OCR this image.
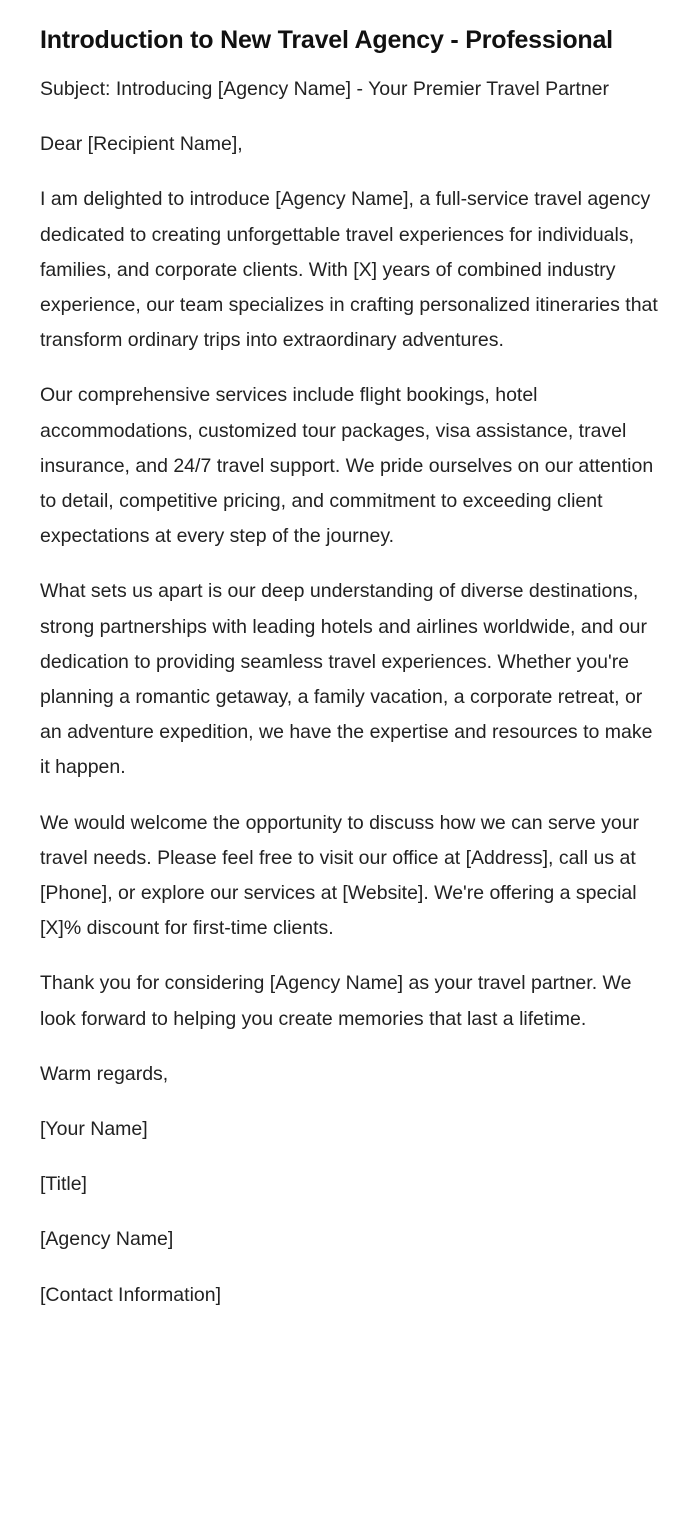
Introduction to New Travel Agency - Professional

Subject: Introducing [Agency Name] - Your Premier Travel Partner

Dear [Recipient Name],

I am delighted to introduce [Agency Name], a full-service travel agency dedicated to creating unforgettable travel experiences for individuals, families, and corporate clients. With [X] years of combined industry experience, our team specializes in crafting personalized itineraries that transform ordinary trips into extraordinary adventures.

Our comprehensive services include flight bookings, hotel accommodations, customized tour packages, visa assistance, travel insurance, and 24/7 travel support. We pride ourselves on our attention to detail, competitive pricing, and commitment to exceeding client expectations at every step of the journey.

What sets us apart is our deep understanding of diverse destinations, strong partnerships with leading hotels and airlines worldwide, and our dedication to providing seamless travel experiences. Whether you're planning a romantic getaway, a family vacation, a corporate retreat, or an adventure expedition, we have the expertise and resources to make it happen.

We would welcome the opportunity to discuss how we can serve your travel needs. Please feel free to visit our office at [Address], call us at [Phone], or explore our services at [Website]. We're offering a special [X]% discount for first-time clients.

Thank you for considering [Agency Name] as your travel partner. We look forward to helping you create memories that last a lifetime.

Warm regards,

[Your Name]

[Title]

[Agency Name]

[Contact Information]
